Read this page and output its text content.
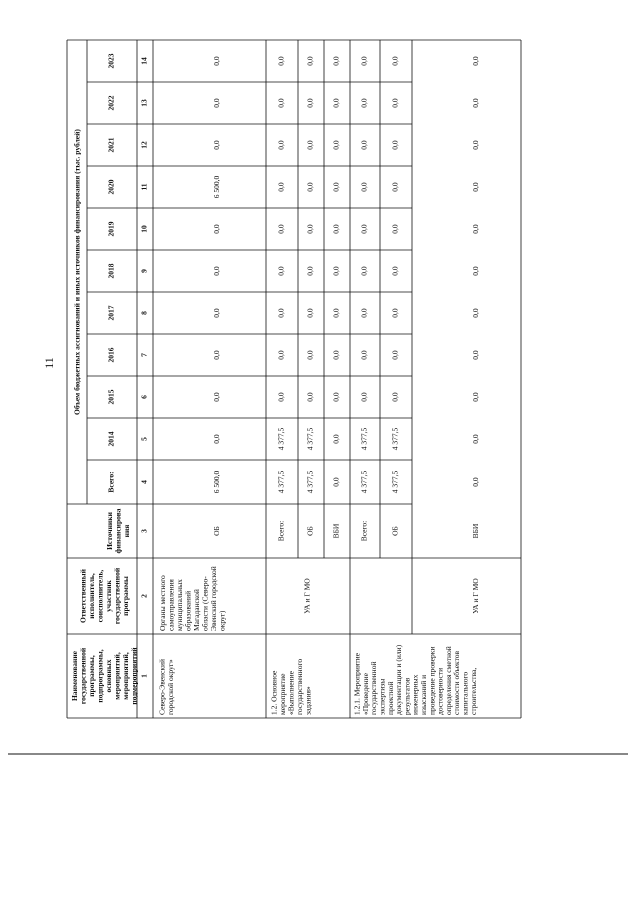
11
Наименование государственной программы, подпрограммы, основных мероприятий, мероприятий, подмероприятий
Ответственный исполнитель, соисполнитель, участник государственной программы
Источники финансирова ния
Объем бюджетных ассигнований и иных источников финансирования (тыс. рублей)
Всего:
2014
2015
2016
2017
2018
2019
2020
2021
2022
2023
1
2
3
4
5
6
7
8
9
10
11
12
13
14
Северо-Эвенский городской округ»
Органы местного самоуправления муниципальных образований Магаданской области (Северо- Эвенский городской округ)
ОБ
6 500,0
0,0
0,0
0,0
0,0
0,0
0,0
6 500,0
0,0
0,0
0,0
1.2. Основное мероприятие «Выполнение государственного задания»
УА и Г МО
Всего:
4 377,5
4 377,5
0,0
0,0
0,0
0,0
0,0
0,0
0,0
0,0
0,0
ОБ
4 377,5
4 377,5
0,0
0,0
0,0
0,0
0,0
0,0
0,0
0,0
0,0
ВБИ
0,0
0,0
0,0
0,0
0,0
0,0
0,0
0,0
0,0
0,0
0,0
1.2.1. Мероприятие «Проведение государственной экспертизы проектной документации и (или) результатов инженерных изысканий и проведение проверки достоверности определения сметной стоимости объектов капитального строительства,
УА и Г МО
Всего:
4 377,5
4 377,5
0,0
0,0
0,0
0,0
0,0
0,0
0,0
0,0
0,0
ОБ
4 377,5
4 377,5
0,0
0,0
0,0
0,0
0,0
0,0
0,0
0,0
0,0
ВБИ
0,0
0,0
0,0
0,0
0,0
0,0
0,0
0,0
0,0
0,0
0,0
